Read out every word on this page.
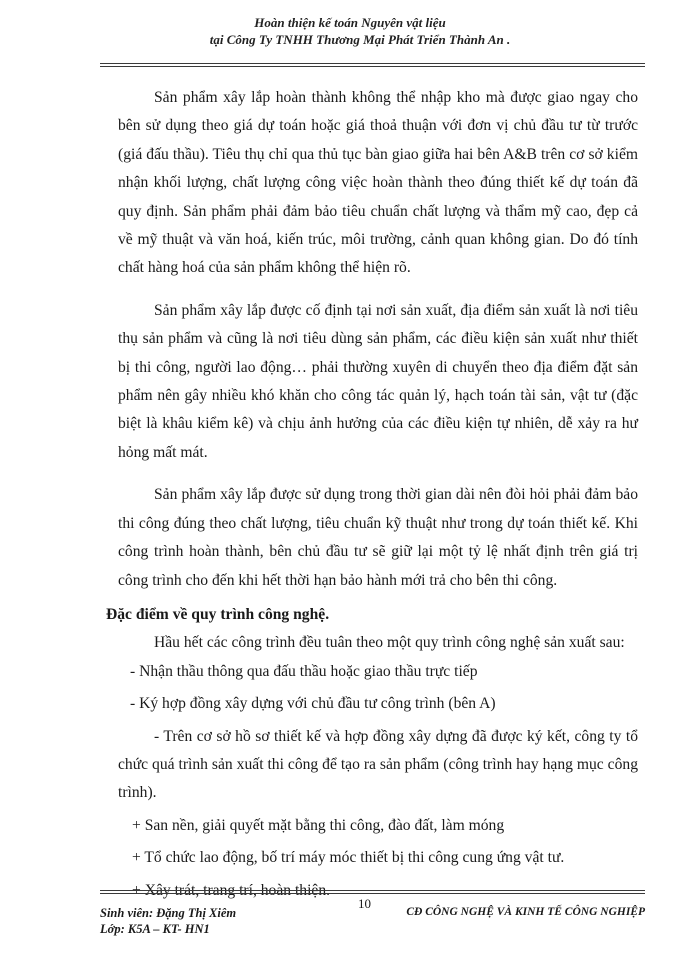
Hoàn thiện kế toán Nguyên vật liệu
tại Công Ty TNHH Thương Mại Phát Triển Thành An .

Sản phẩm xây lắp hoàn thành không thể nhập kho mà được giao ngay cho bên sử dụng theo giá dự toán hoặc giá thoả thuận với đơn vị chủ đầu tư từ trước (giá đấu thầu). Tiêu thụ chỉ qua thủ tục bàn giao giữa hai bên A&B trên cơ sở kiểm nhận khối lượng, chất lượng công việc hoàn thành theo đúng thiết kế dự toán đã quy định. Sản phẩm phải đảm bảo tiêu chuẩn chất lượng và thẩm mỹ cao, đẹp cả về mỹ thuật và văn hoá, kiến trúc, môi trường, cảnh quan không gian. Do đó tính chất hàng hoá của sản phẩm không thể hiện rõ.

Sản phẩm xây lắp được cố định tại nơi sản xuất, địa điểm sản xuất là nơi tiêu thụ sản phẩm và cũng là nơi tiêu dùng sản phẩm, các điều kiện sản xuất như thiết bị thi công, người lao động… phải thường xuyên di chuyển theo địa điểm đặt sản phẩm nên gây nhiều khó khăn cho công tác quản lý, hạch toán tài sản, vật tư (đặc biệt là khâu kiểm kê) và chịu ảnh hưởng của các điều kiện tự nhiên, dễ xảy ra hư hỏng mất mát.

Sản phẩm xây lắp được sử dụng trong thời gian dài nên đòi hỏi phải đảm bảo thi công đúng theo chất lượng, tiêu chuẩn kỹ thuật như trong dự toán thiết kế. Khi công trình hoàn thành, bên chủ đầu tư sẽ giữ lại một tỷ lệ nhất định trên giá trị công trình cho đến khi hết thời hạn bảo hành mới trả cho bên thi công.

Đặc điểm về quy trình công nghệ.

Hầu hết các công trình đều tuân theo một quy trình công nghệ sản xuất sau:

- Nhận thầu thông qua đấu thầu hoặc giao thầu trực tiếp

- Ký hợp đồng xây dựng với chủ đầu tư công trình (bên A)

- Trên cơ sở hồ sơ thiết kế và hợp đồng xây dựng đã được ký kết, công ty tổ chức quá trình sản xuất thi công để tạo ra sản phẩm (công trình hay hạng mục công trình).

+ San nền, giải quyết mặt bằng thi công, đào đất, làm móng

+ Tổ chức lao động, bố trí máy móc thiết bị thi công cung ứng vật tư.

+ Xây trát, trang trí, hoàn thiện.

Sinh viên: Đặng Thị Xiêm
Lớp: K5A – KT- HN1
10
CĐ CÔNG NGHỆ VÀ KINH TẾ CÔNG NGHIỆP
